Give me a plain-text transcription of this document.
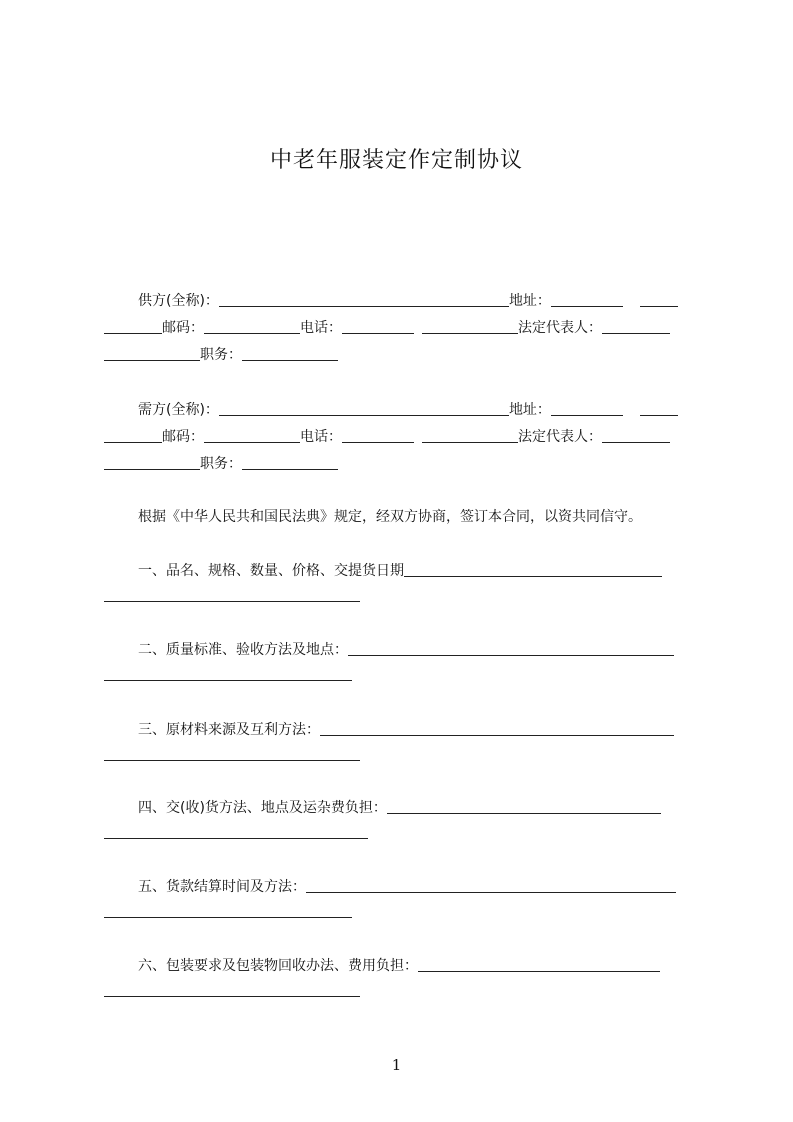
中老年服装定作定制协议
供方(全称)：	地址：
邮码：	电话：	法定代表人：
职务：
需方(全称)：	地址：
邮码：	电话：	法定代表人：
职务：
根据《中华人民共和国民法典》规定，经双方协商，签订本合同，以资共同信守。
一、品名、规格、数量、价格、交提货日期
二、质量标准、验收方法及地点：
三、原材料来源及互利方法：
四、交(收)货方法、地点及运杂费负担：
五、货款结算时间及方法：
六、包装要求及包装物回收办法、费用负担：
1
